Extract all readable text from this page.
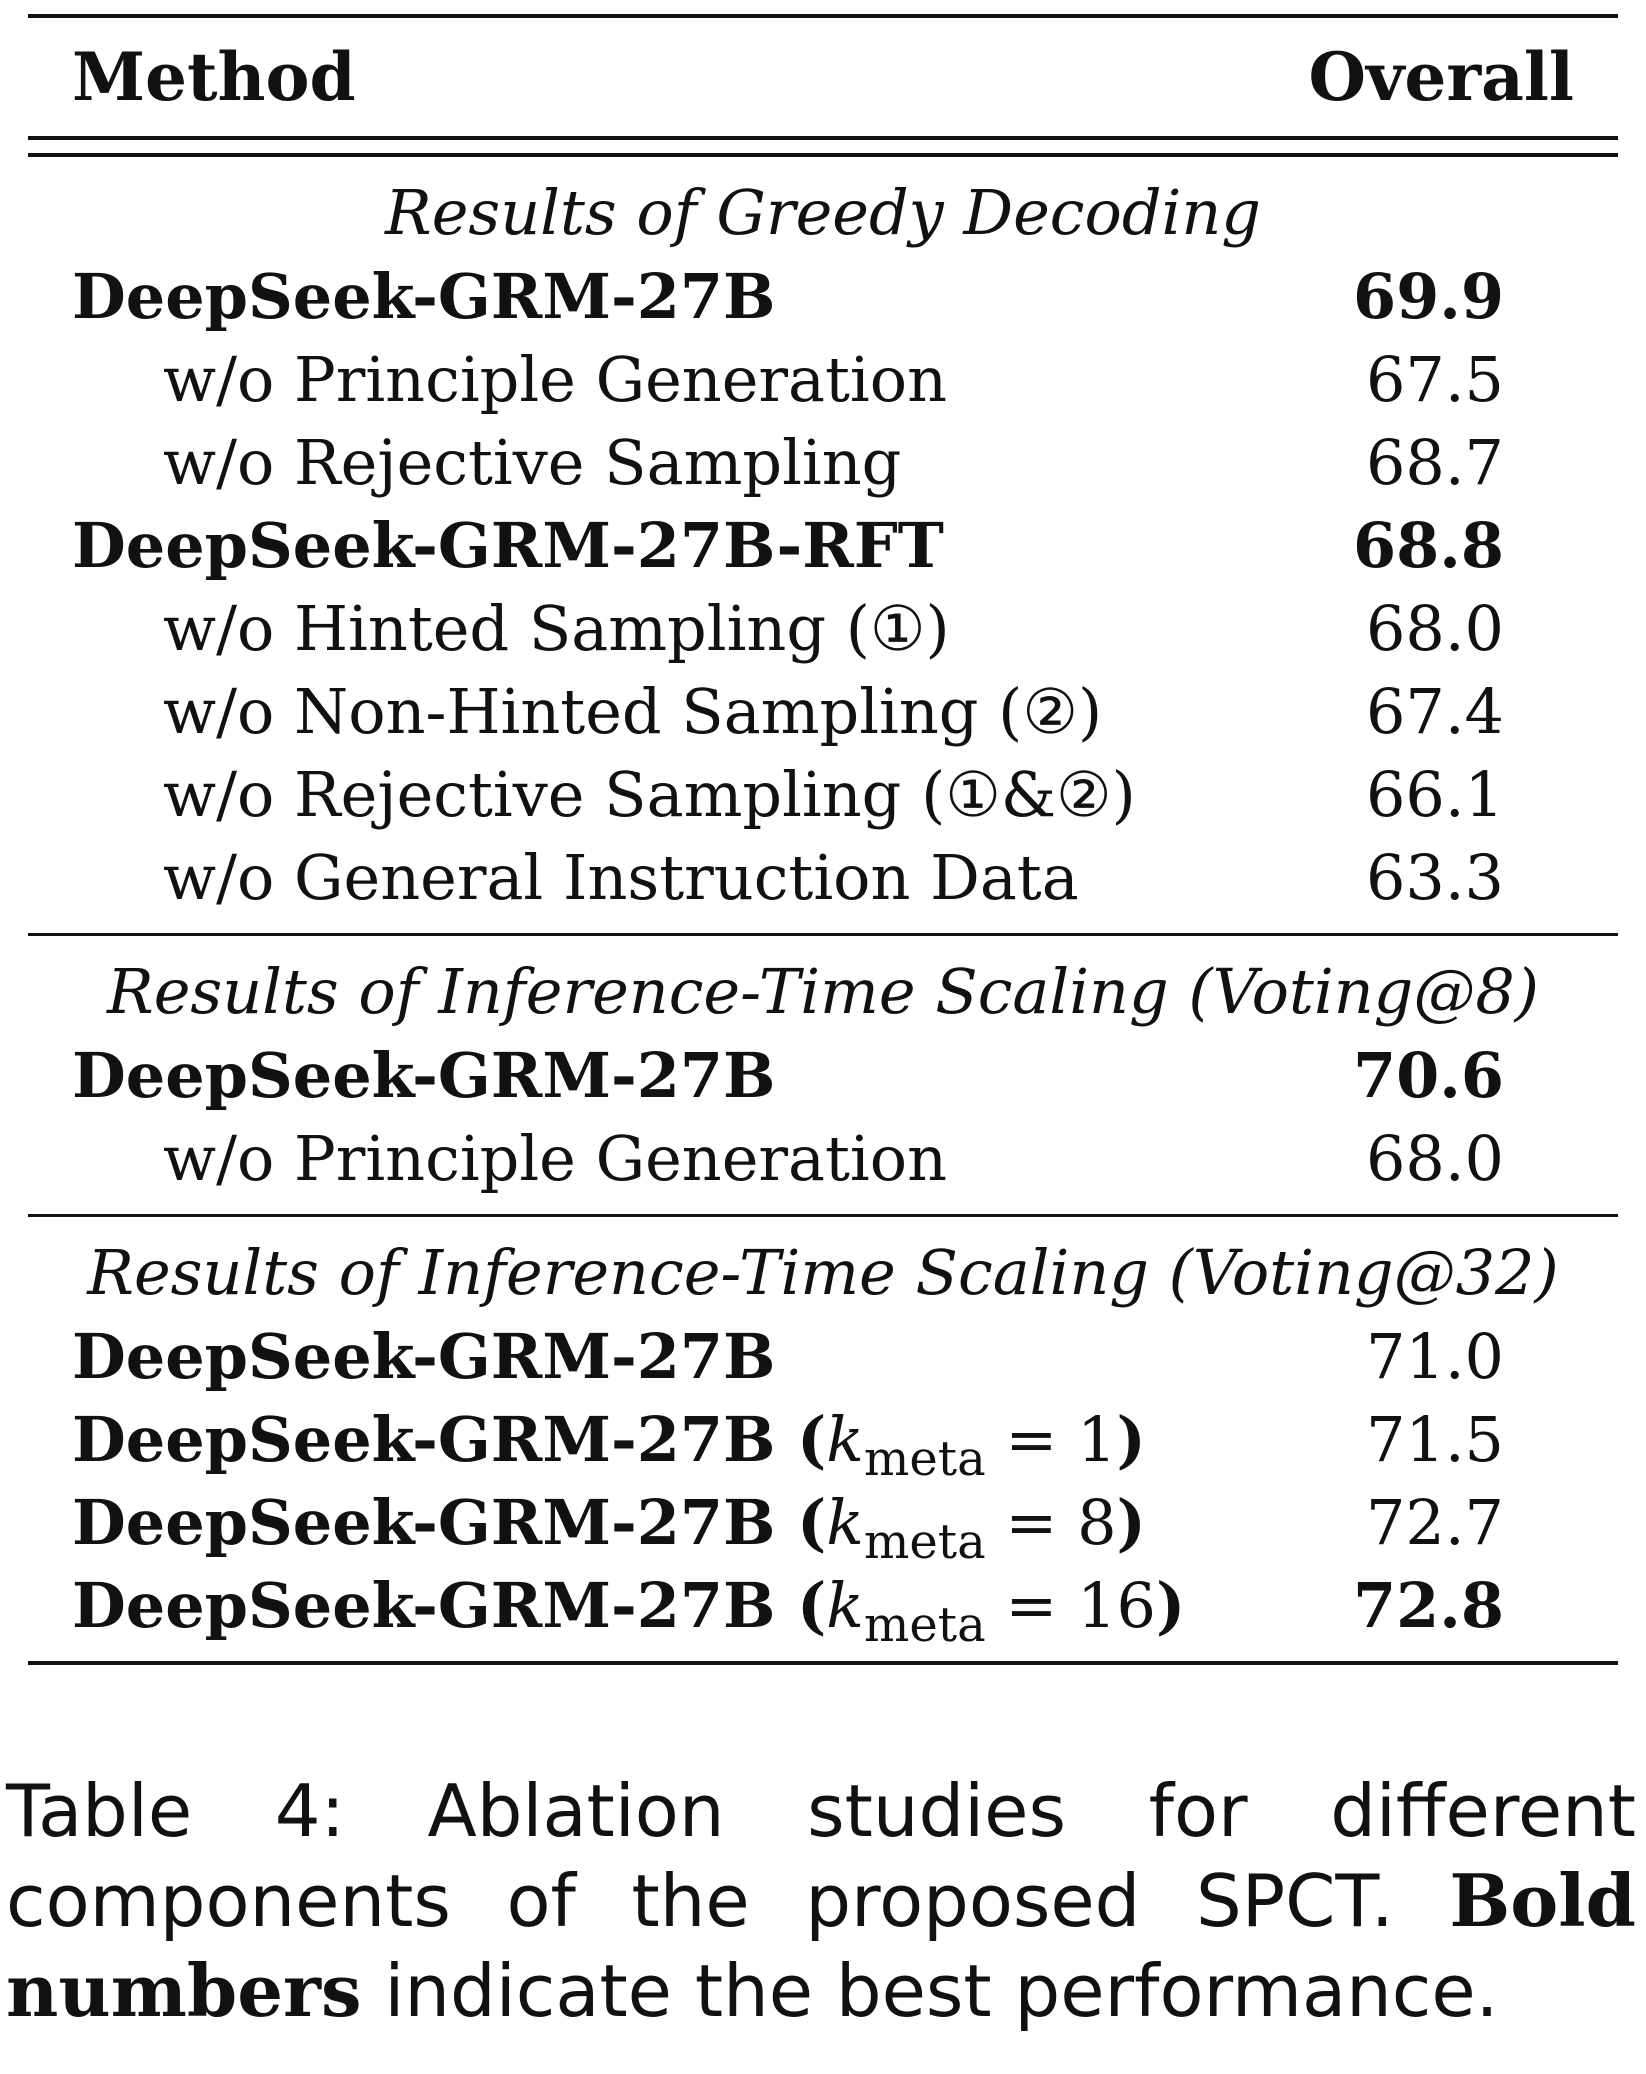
Method	Overall
Results of Greedy Decoding
DeepSeek-GRM-27B	69.9
w/o Principle Generation	67.5
w/o Rejective Sampling	68.7
DeepSeek-GRM-27B-RFT	68.8
w/o Hinted Sampling (①)	68.0
w/o Non-Hinted Sampling (②)	67.4
w/o Rejective Sampling (①&②)	66.1
w/o General Instruction Data	63.3
Results of Inference-Time Scaling (Voting@8)
DeepSeek-GRM-27B	70.6
w/o Principle Generation	68.0
Results of Inference-Time Scaling (Voting@32)
DeepSeek-GRM-27B	71.0
DeepSeek-GRM-27B $(k_{meta} = 1)$	71.5
DeepSeek-GRM-27B $(k_{meta} = 8)$	72.7
DeepSeek-GRM-27B $(k_{meta} = 16)$	72.8
Table 4: Ablation studies for different components of the proposed SPCT. Bold numbers indicate the best performance.
